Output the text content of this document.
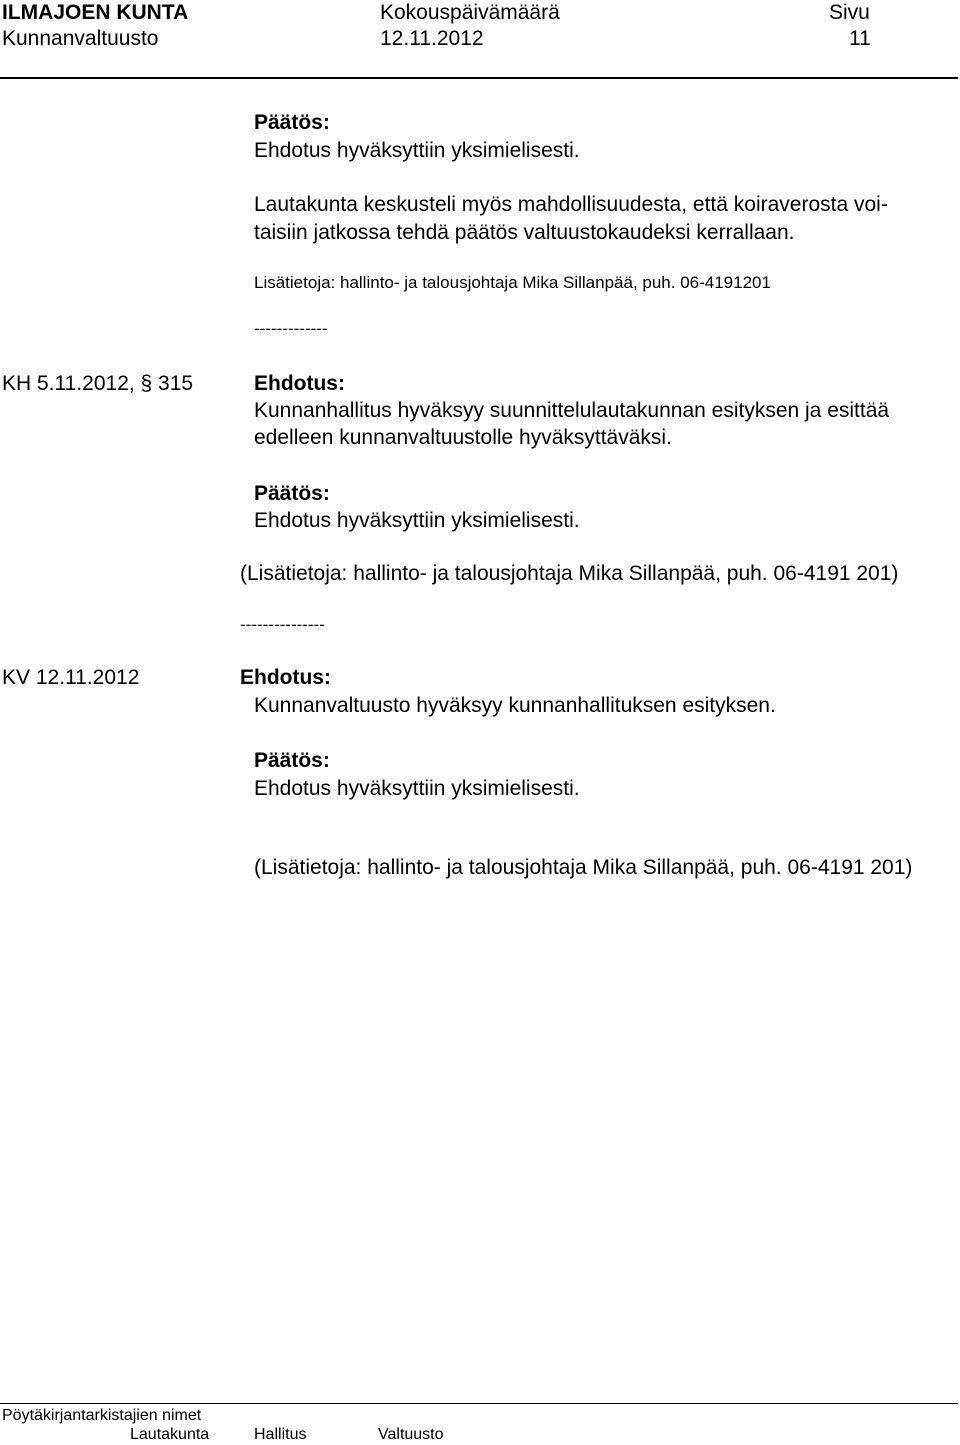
ILMAJOEN KUNTA
Kunnanvaltuusto
Kokouspäivämäärä
12.11.2012
Sivu
11
Päätös:
Ehdotus hyväksyttiin yksimielisesti.
Lautakunta keskusteli myös mahdollisuudesta, että koiraverosta voi-
taisiin jatkossa tehdä päätös valtuustokaudeksi kerrallaan.
Lisätietoja: hallinto- ja talousjohtaja Mika Sillanpää, puh. 06-4191201
-------------
KH 5.11.2012, § 315	Ehdotus:
Kunnanhallitus hyväksyy suunnittelulautakunnan esityksen ja esittää
edelleen kunnanvaltuustolle hyväksyttäväksi.
Päätös:
Ehdotus hyväksyttiin yksimielisesti.
(Lisätietoja: hallinto- ja talousjohtaja Mika Sillanpää, puh. 06-4191 201)
---------------
KV 12.11.2012	Ehdotus:
Kunnanvaltuusto hyväksyy kunnanhallituksen esityksen.
Päätös:
Ehdotus hyväksyttiin yksimielisesti.
(Lisätietoja: hallinto- ja talousjohtaja Mika Sillanpää, puh. 06-4191 201)
Pöytäkirjantarkistajien nimet
Lautakunta	Hallitus	Valtuusto
